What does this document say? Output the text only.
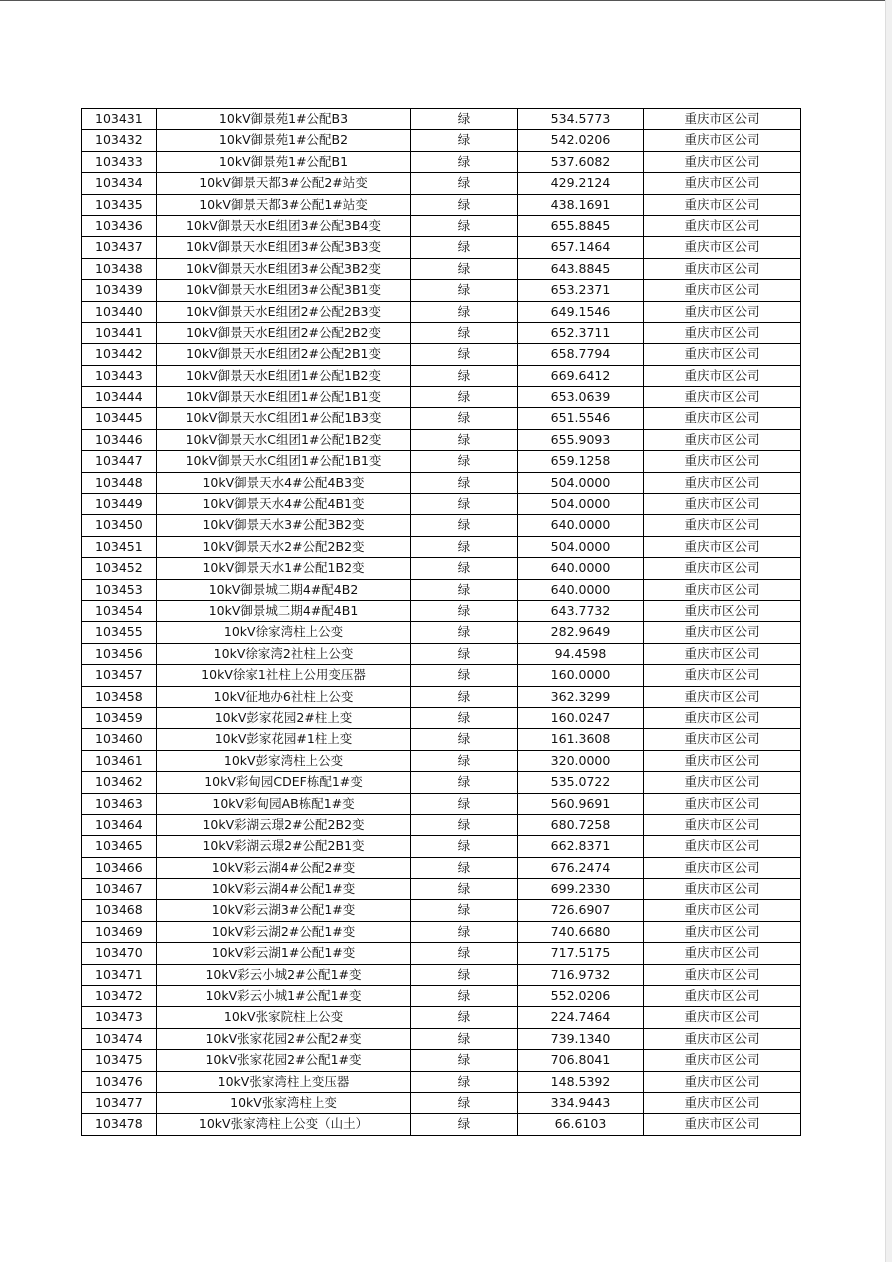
103431	10kV御景苑1#公配B3	绿	534.5773	重庆市区公司
103432	10kV御景苑1#公配B2	绿	542.0206	重庆市区公司
103433	10kV御景苑1#公配B1	绿	537.6082	重庆市区公司
103434	10kV御景天都3#公配2#站变	绿	429.2124	重庆市区公司
103435	10kV御景天都3#公配1#站变	绿	438.1691	重庆市区公司
103436	10kV御景天水E组团3#公配3B4变	绿	655.8845	重庆市区公司
103437	10kV御景天水E组团3#公配3B3变	绿	657.1464	重庆市区公司
103438	10kV御景天水E组团3#公配3B2变	绿	643.8845	重庆市区公司
103439	10kV御景天水E组团3#公配3B1变	绿	653.2371	重庆市区公司
103440	10kV御景天水E组团2#公配2B3变	绿	649.1546	重庆市区公司
103441	10kV御景天水E组团2#公配2B2变	绿	652.3711	重庆市区公司
103442	10kV御景天水E组团2#公配2B1变	绿	658.7794	重庆市区公司
103443	10kV御景天水E组团1#公配1B2变	绿	669.6412	重庆市区公司
103444	10kV御景天水E组团1#公配1B1变	绿	653.0639	重庆市区公司
103445	10kV御景天水C组团1#公配1B3变	绿	651.5546	重庆市区公司
103446	10kV御景天水C组团1#公配1B2变	绿	655.9093	重庆市区公司
103447	10kV御景天水C组团1#公配1B1变	绿	659.1258	重庆市区公司
103448	10kV御景天水4#公配4B3变	绿	504.0000	重庆市区公司
103449	10kV御景天水4#公配4B1变	绿	504.0000	重庆市区公司
103450	10kV御景天水3#公配3B2变	绿	640.0000	重庆市区公司
103451	10kV御景天水2#公配2B2变	绿	504.0000	重庆市区公司
103452	10kV御景天水1#公配1B2变	绿	640.0000	重庆市区公司
103453	10kV御景城二期4#配4B2	绿	640.0000	重庆市区公司
103454	10kV御景城二期4#配4B1	绿	643.7732	重庆市区公司
103455	10kV徐家湾柱上公变	绿	282.9649	重庆市区公司
103456	10kV徐家湾2社柱上公变	绿	94.4598	重庆市区公司
103457	10kV徐家1社柱上公用变压器	绿	160.0000	重庆市区公司
103458	10kV征地办6社柱上公变	绿	362.3299	重庆市区公司
103459	10kV彭家花园2#柱上变	绿	160.0247	重庆市区公司
103460	10kV彭家花园#1柱上变	绿	161.3608	重庆市区公司
103461	10kV彭家湾柱上公变	绿	320.0000	重庆市区公司
103462	10kV彩甸园CDEF栋配1#变	绿	535.0722	重庆市区公司
103463	10kV彩甸园AB栋配1#变	绿	560.9691	重庆市区公司
103464	10kV彩湖云璟2#公配2B2变	绿	680.7258	重庆市区公司
103465	10kV彩湖云璟2#公配2B1变	绿	662.8371	重庆市区公司
103466	10kV彩云湖4#公配2#变	绿	676.2474	重庆市区公司
103467	10kV彩云湖4#公配1#变	绿	699.2330	重庆市区公司
103468	10kV彩云湖3#公配1#变	绿	726.6907	重庆市区公司
103469	10kV彩云湖2#公配1#变	绿	740.6680	重庆市区公司
103470	10kV彩云湖1#公配1#变	绿	717.5175	重庆市区公司
103471	10kV彩云小城2#公配1#变	绿	716.9732	重庆市区公司
103472	10kV彩云小城1#公配1#变	绿	552.0206	重庆市区公司
103473	10kV张家院柱上公变	绿	224.7464	重庆市区公司
103474	10kV张家花园2#公配2#变	绿	739.1340	重庆市区公司
103475	10kV张家花园2#公配1#变	绿	706.8041	重庆市区公司
103476	10kV张家湾柱上变压器	绿	148.5392	重庆市区公司
103477	10kV张家湾柱上变	绿	334.9443	重庆市区公司
103478	10kV张家湾柱上公变（山土）	绿	66.6103	重庆市区公司
